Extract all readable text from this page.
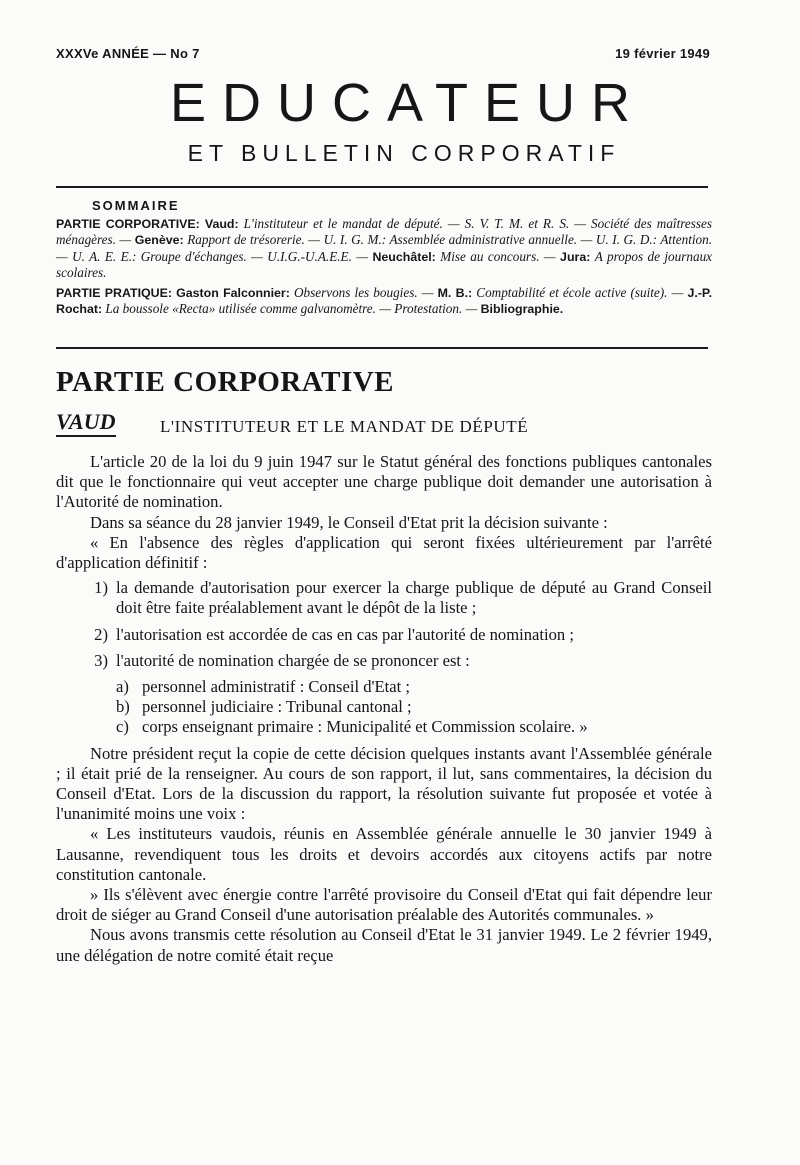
XXXVe ANNÉE — No 7	19 février 1949
EDUCATEUR
ET BULLETIN CORPORATIF
SOMMAIRE

PARTIE CORPORATIVE: Vaud: L'instituteur et le mandat de député. — S. V. T. M. et R. S. — Société des maîtresses ménagères. — Genève: Rapport de trésorerie. — U. I. G. M.: Assemblée administrative annuelle. — U. I. G. D.: Attention. — U. A. E. E.: Groupe d'échanges. — U.I.G.-U.A.E.E. — Neuchâtel: Mise au concours. — Jura: A propos de journaux scolaires.

PARTIE PRATIQUE: Gaston Falconnier: Observons les bougies. — M. B.: Comptabilité et école active (suite). — J.-P. Rochat: La boussole «Recta» utilisée comme galvanomètre. — Protestation. — Bibliographie.

PARTIE CORPORATIVE
VAUD	L'INSTITUTEUR ET LE MANDAT DE DÉPUTÉ

L'article 20 de la loi du 9 juin 1947 sur le Statut général des fonctions publiques cantonales dit que le fonctionnaire qui veut accepter une charge publique doit demander une autorisation à l'Autorité de nomination.

Dans sa séance du 28 janvier 1949, le Conseil d'Etat prit la décision suivante :

« En l'absence des règles d'application qui seront fixées ultérieurement par l'arrêté d'application définitif :

1) la demande d'autorisation pour exercer la charge publique de député au Grand Conseil doit être faite préalablement avant le dépôt de la liste ;
2) l'autorisation est accordée de cas en cas par l'autorité de nomination ;
3) l'autorité de nomination chargée de se prononcer est :
a) personnel administratif : Conseil d'Etat ;
b) personnel judiciaire : Tribunal cantonal ;
c) corps enseignant primaire : Municipalité et Commission scolaire. »

Notre président reçut la copie de cette décision quelques instants avant l'Assemblée générale ; il était prié de la renseigner. Au cours de son rapport, il lut, sans commentaires, la décision du Conseil d'Etat. Lors de la discussion du rapport, la résolution suivante fut proposée et votée à l'unanimité moins une voix :

« Les instituteurs vaudois, réunis en Assemblée générale annuelle le 30 janvier 1949 à Lausanne, revendiquent tous les droits et devoirs accordés aux citoyens actifs par notre constitution cantonale.

» Ils s'élèvent avec énergie contre l'arrêté provisoire du Conseil d'Etat qui fait dépendre leur droit de siéger au Grand Conseil d'une autorisation préalable des Autorités communales. »

Nous avons transmis cette résolution au Conseil d'Etat le 31 janvier 1949. Le 2 février 1949, une délégation de notre comité était reçue
